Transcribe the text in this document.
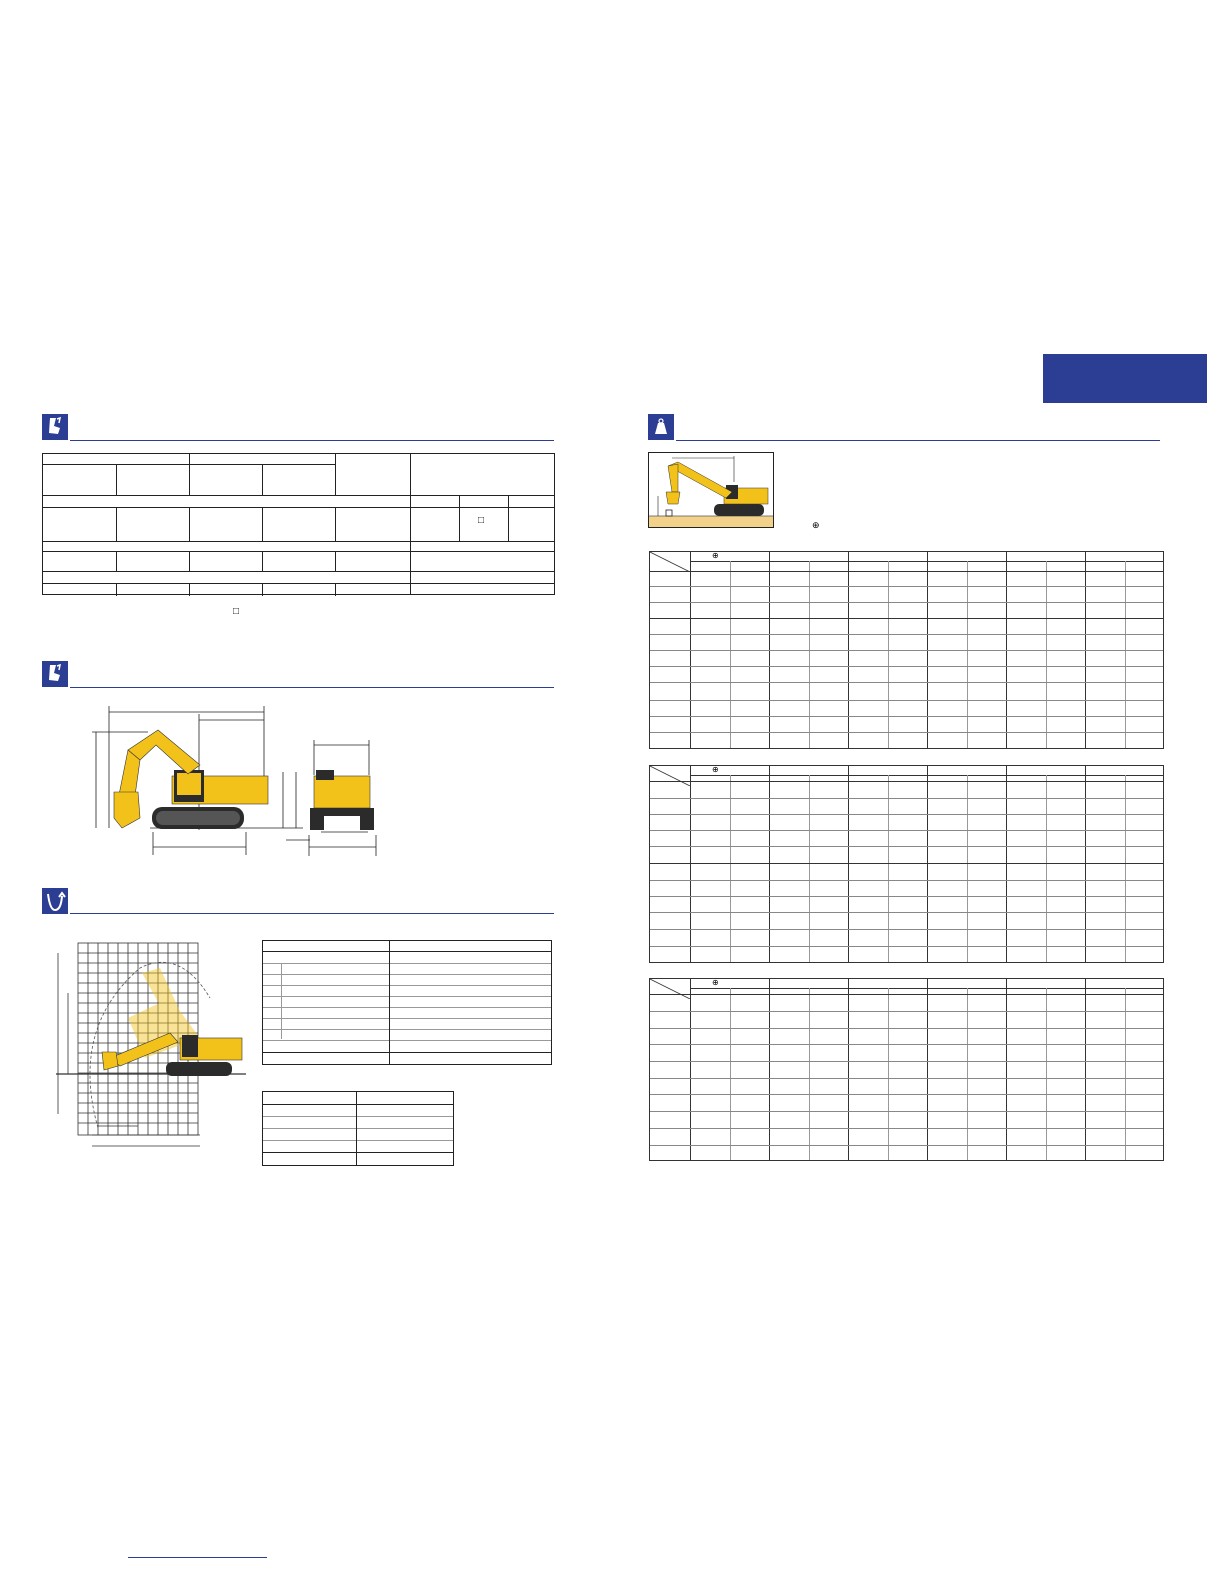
□
□
⊕
⊕
⊕
⊕
